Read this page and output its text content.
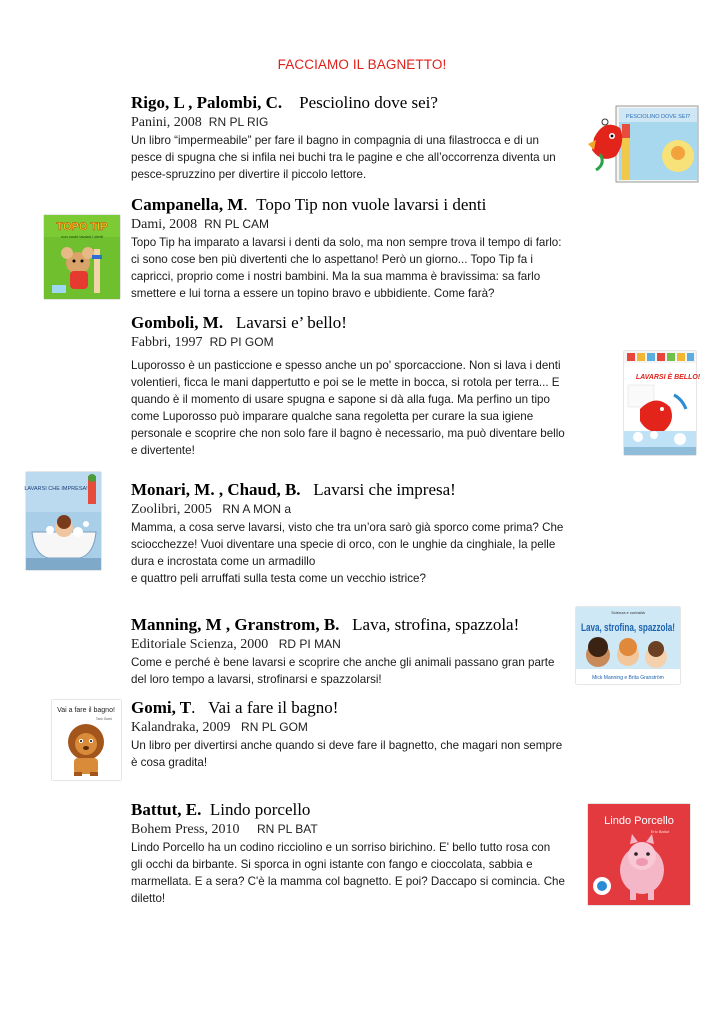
FACCIAMO IL BAGNETTO!
Rigo, L , Palombi, C. Pesciolino dove sei?
Panini, 2008 RN PL RIG
Un libro “impermeabile” per fare il bagno in compagnia di una filastrocca e di un
pesce di spugna che si infila nei buchi tra le pagine e che all’occorrenza diventa un
pesce-spruzzino per divertire il piccolo lettore.
Campanella, M.  Topo Tip non vuole lavarsi i denti
Dami, 2008 RN PL CAM
Topo Tip ha imparato a lavarsi i denti da solo, ma non sempre trova il tempo di farlo:
ci sono cose ben più divertenti che lo aspettano! Però un giorno... Topo Tip fa i
capricci, proprio come i nostri bambini. Ma la sua mamma è bravissima: sa farlo
smettere e lui torna a essere un topino bravo e ubbidiente. Come farà?
Gomboli, M. Lavarsi e’ bello!
Fabbri, 1997 RD PI GOM
Luporosso è un pasticcione e spesso anche un po' sporcaccione. Non si lava i denti
volentieri, ficca le mani dappertutto e poi se le mette in bocca, si rotola per terra... E
quando è il momento di usare spugna e sapone si dà alla fuga. Ma perfino un tipo
come Luporosso può imparare qualche sana regoletta per curare la sua igiene
personale e scoprire che non solo fare il bagno è necessario, ma può diventare bello
e divertente!
Monari, M. , Chaud, B. Lavarsi che impresa!
Zoolibri, 2005 RN A MON a
Mamma, a cosa serve lavarsi, visto che tra un’ora sarò già sporco come prima? Che
sciocchezze! Vuoi diventare una specie di orco, con le unghie da cinghiale, la pelle
dura e incrostata come un armadillo
e quattro peli arruffati sulla testa come un vecchio istrice?
Manning, M , Granstrom, B. Lava, strofina, spazzola!
Editoriale Scienza, 2000 RD PI MAN
Come e perché è bene lavarsi e scoprire che anche gli animali passano gran parte
del loro tempo a lavarsi, strofinarsi e spazzolarsi!
Gomi, T.   Vai a fare il bagno!
Kalandraka, 2009 RN PL GOM
Un libro per divertirsi anche quando si deve fare il bagnetto, che magari non sempre
è cosa gradita!
Battut, E. Lindo porcello
Bohem Press, 2010 RN PL BAT
Lindo Porcello ha un codino ricciolino e un sorriso birichino. E' bello tutto rosa con
gli occhi da birbante. Si sporca in ogni istante con fango e cioccolata, sabbia e
marmellata. E a sera? C'è la mamma col bagnetto. E poi? Daccapo si comincia. Che
diletto!
PESCIOLINO DOVE SEI?
TOPO TIP
non vuole lavarsi i denti
LAVARSI È BELLO!
LAVARSI CHE IMPRESA!
Scienza e curiosità
Lava, strofina, spazzola!
Mick Manning e Brita Granström
Vai a fare il bagno!
Taro Gomi
Lindo Porcello
Eric Battut
